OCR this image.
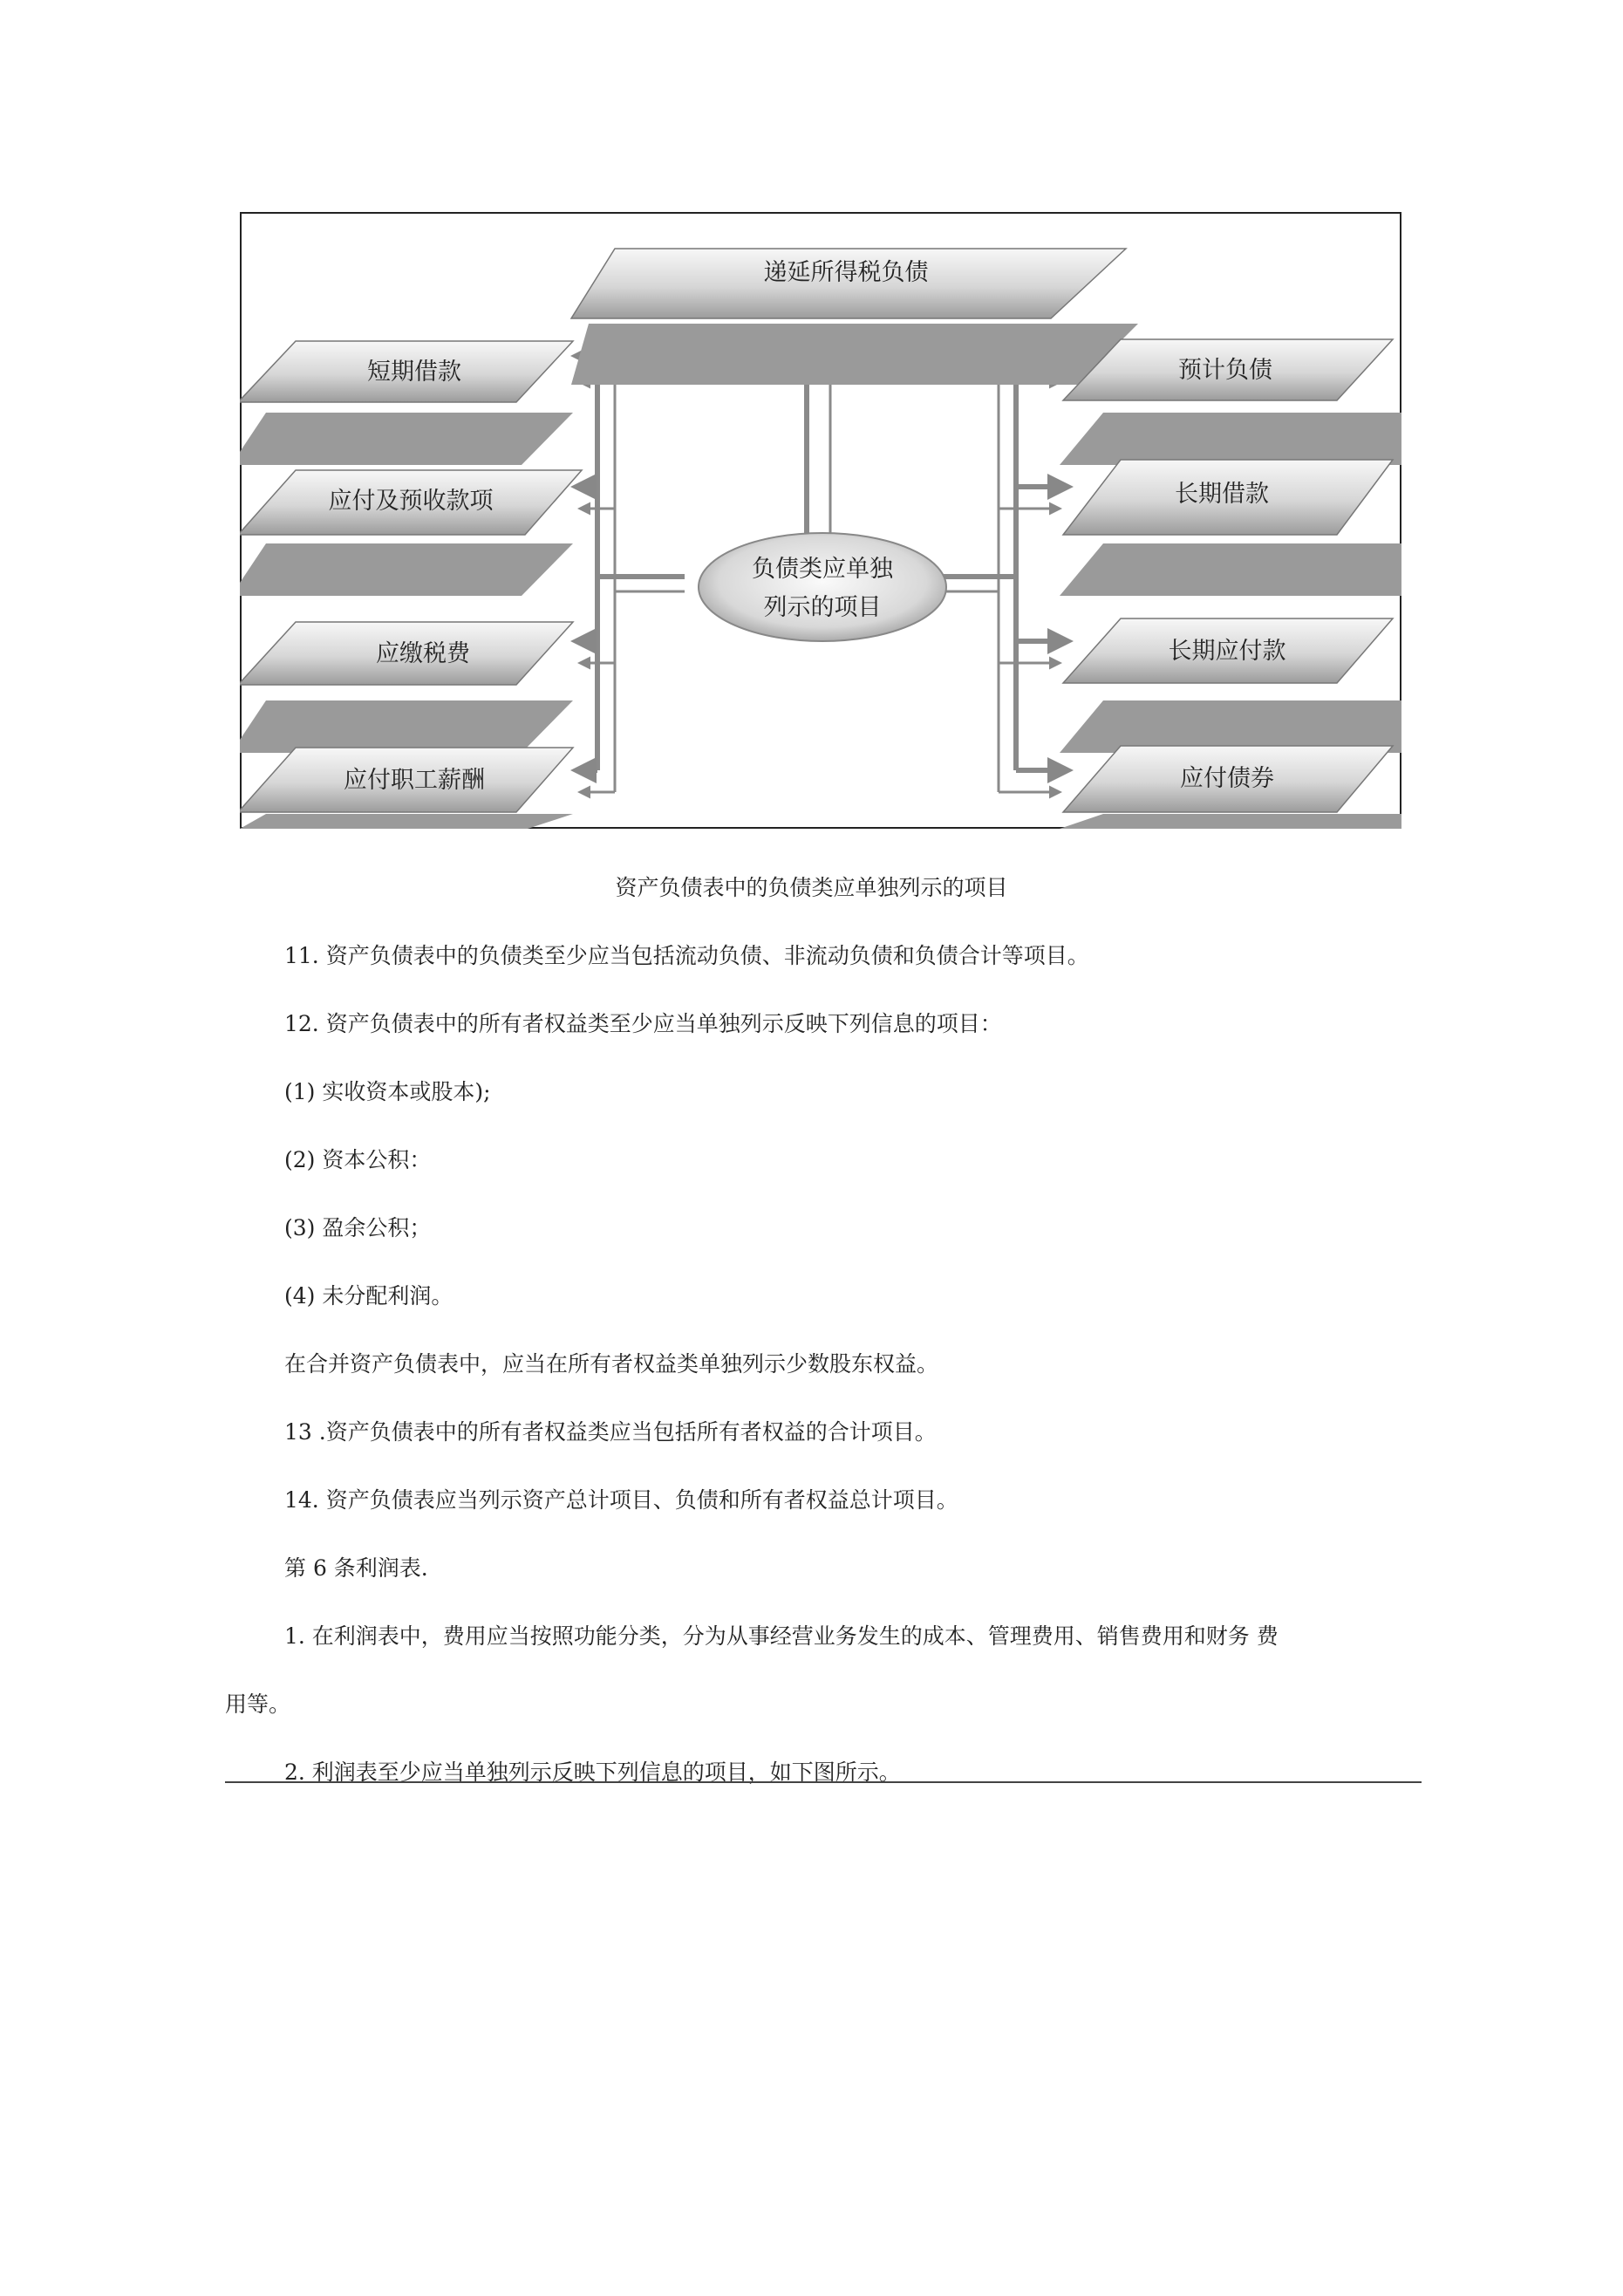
递延所得税负债
负债类应单独
列示的项目
短期借款
应付及预收款项
应缴税费
应付职工薪酬
预计负债
长期借款
长期应付款
应付债券
资产负债表中的负债类应单独列示的项目
11. 资产负债表中的负债类至少应当包括流动负债、非流动负债和负债合计等项目。
12. 资产负债表中的所有者权益类至少应当单独列示反映下列信息的项目：
(1) 实收资本或股本);
(2) 资本公积：
(3) 盈余公积；
(4) 未分配利润。
在合并资产负债表中，应当在所有者权益类单独列示少数股东权益。
13 .资产负债表中的所有者权益类应当包括所有者权益的合计项目。
14. 资产负债表应当列示资产总计项目、负债和所有者权益总计项目。
第 6 条利润表.
1. 在利润表中，费用应当按照功能分类，分为从事经营业务发生的成本、管理费用、销售费用和财务 费
用等。
2. 利润表至少应当单独列示反映下列信息的项目，如下图所示。
